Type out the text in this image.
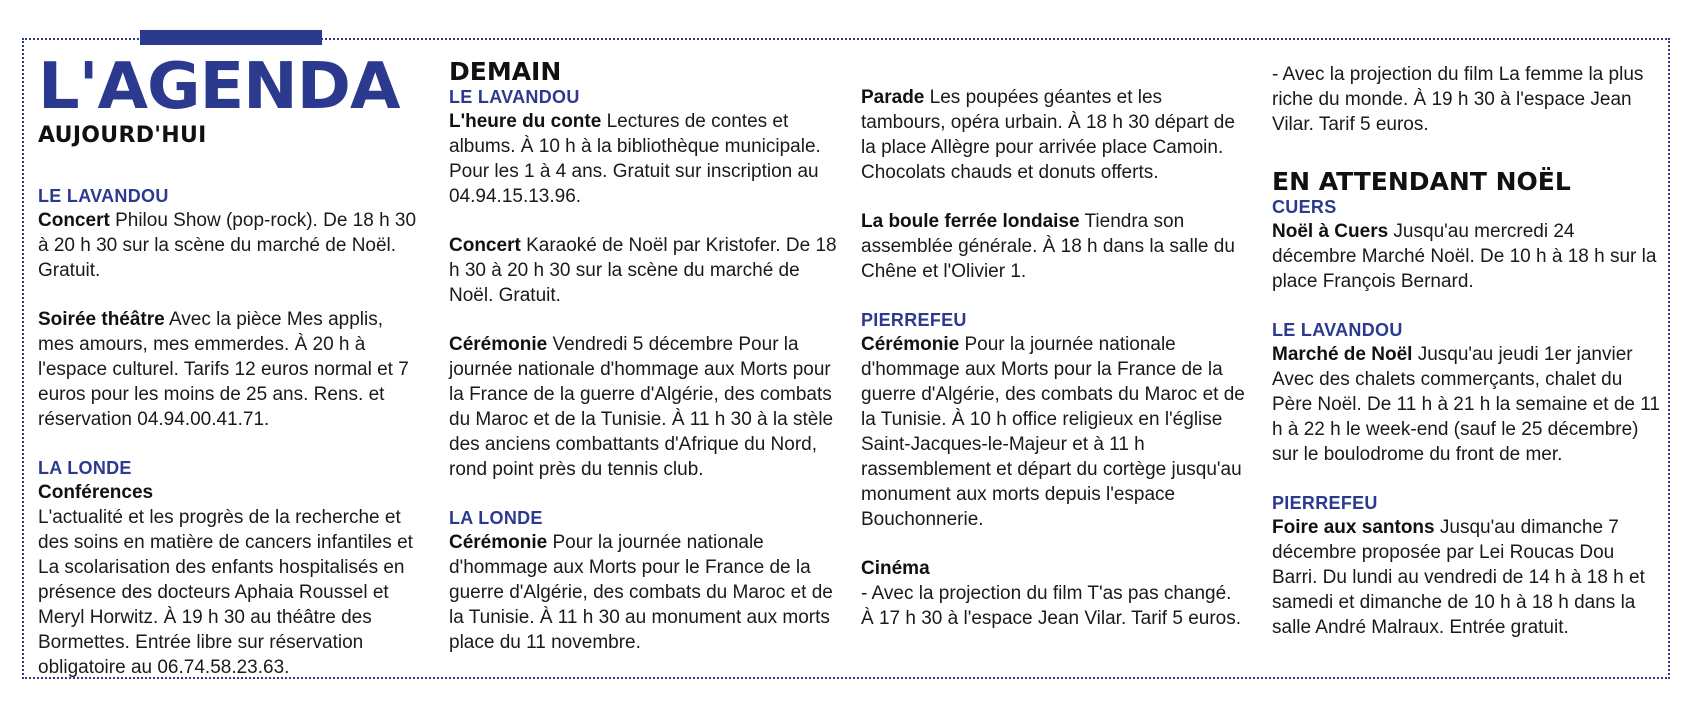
L'AGENDA
AUJOURD'HUI
LE LAVANDOU

Concert Philou Show (pop-rock). De 18 h 30 à 20 h 30 sur la scène du marché de Noël. Gratuit.

Soirée théâtre Avec la pièce Mes applis, mes amours, mes emmerdes. À 20 h à l'espace culturel. Tarifs 12 euros normal et 7 euros pour les moins de 25 ans. Rens. et réservation 04.94.00.41.71.

LA LONDE

Conférences

L'actualité et les progrès de la recherche et des soins en matière de cancers infantiles et La scolarisation des enfants hospitalisés en présence des docteurs Aphaia Roussel et Meryl Horwitz. À 19 h 30 au théâtre des Bormettes. Entrée libre sur réservation obligatoire au 06.74.58.23.63.

DEMAIN
LE LAVANDOU

L'heure du conte Lectures de contes et albums. À 10 h à la bibliothèque municipale. Pour les 1 à 4 ans. Gratuit sur inscription au 04.94.15.13.96.

Concert Karaoké de Noël par Kristofer. De 18 h 30 à 20 h 30 sur la scène du marché de Noël. Gratuit.

Cérémonie Vendredi 5 décembre Pour la journée nationale d'hommage aux Morts pour la France de la guerre d'Algérie, des combats du Maroc et de la Tunisie. À 11 h 30 à la stèle des anciens combattants d'Afrique du Nord, rond point près du tennis club.

LA LONDE

Cérémonie Pour la journée nationale d'hommage aux Morts pour le France de la guerre d'Algérie, des combats du Maroc et de la Tunisie. À 11 h 30 au monument aux morts place du 11 novembre.

Parade Les poupées géantes et les tambours, opéra urbain. À 18 h 30 départ de la place Allègre pour arrivée place Camoin. Chocolats chauds et donuts offerts.

La boule ferrée londaise Tiendra son assemblée générale. À 18 h dans la salle du Chêne et l'Olivier 1.

PIERREFEU

Cérémonie Pour la journée nationale d'hommage aux Morts pour la France de la guerre d'Algérie, des combats du Maroc et de la Tunisie. À 10 h office religieux en l'église Saint-Jacques-le-Majeur et à 11 h rassemblement et départ du cortège jusqu'au monument aux morts depuis l'espace Bouchonnerie.

Cinéma

- Avec la projection du film T'as pas changé. À 17 h 30 à l'espace Jean Vilar. Tarif 5 euros.

- Avec la projection du film La femme la plus riche du monde. À 19 h 30 à l'espace Jean Vilar. Tarif 5 euros.

EN ATTENDANT NOËL
CUERS

Noël à Cuers Jusqu'au mercredi 24 décembre Marché Noël. De 10 h à 18 h sur la place François Bernard.

LE LAVANDOU

Marché de Noël Jusqu'au jeudi 1er janvier Avec des chalets commerçants, chalet du Père Noël. De 11 h à 21 h la semaine et de 11 h à 22 h le week-end (sauf le 25 décembre) sur le boulodrome du front de mer.

PIERREFEU

Foire aux santons Jusqu'au dimanche 7 décembre proposée par Lei Roucas Dou Barri. Du lundi au vendredi de 14 h à 18 h et samedi et dimanche de 10 h à 18 h dans la salle André Malraux. Entrée gratuit.
